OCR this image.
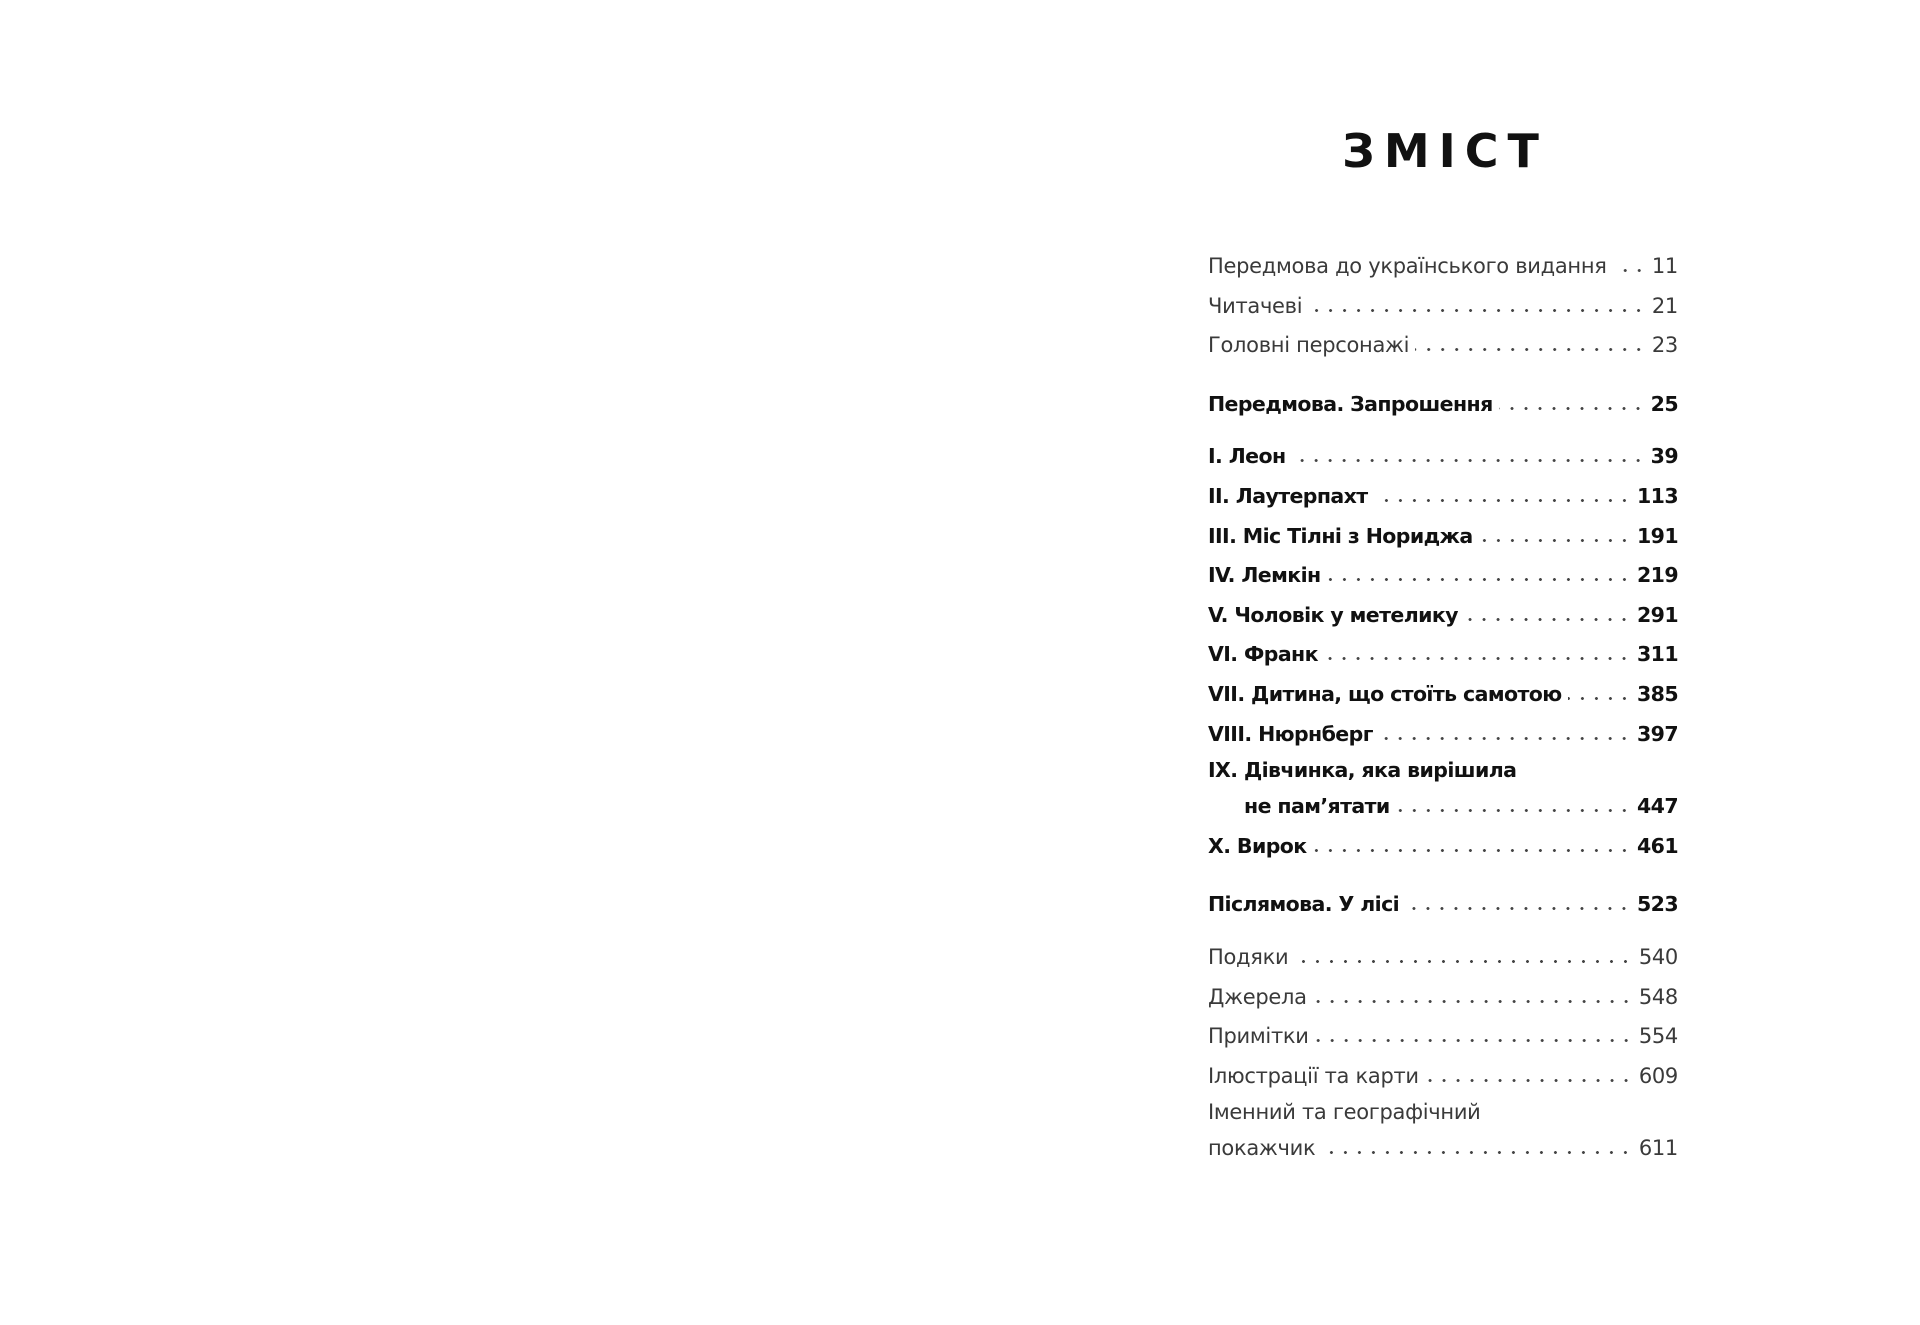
ЗМІСТ
Передмова до українського видання 11
Читачеві	21
Головні персонажі	23
Передмова. Запрошення	25
I. Леон	39
II. Лаутерпахт	113
III. Міс Тілні з Нориджа	191
IV. Лемкін	219
V. Чоловік у метелику	291
VI. Франк	311
VII. Дитина, що стоїть самотою	385
VIII. Нюрнберг	397
IX. Дівчинка, яка вирішила
не пам’ятати	447
X. Вирок	461
Післямова. У лісі	523
Подяки	540
Джерела	548
Примітки	554
Ілюстрації та карти	609
Іменний та географічний
покажчик	611
